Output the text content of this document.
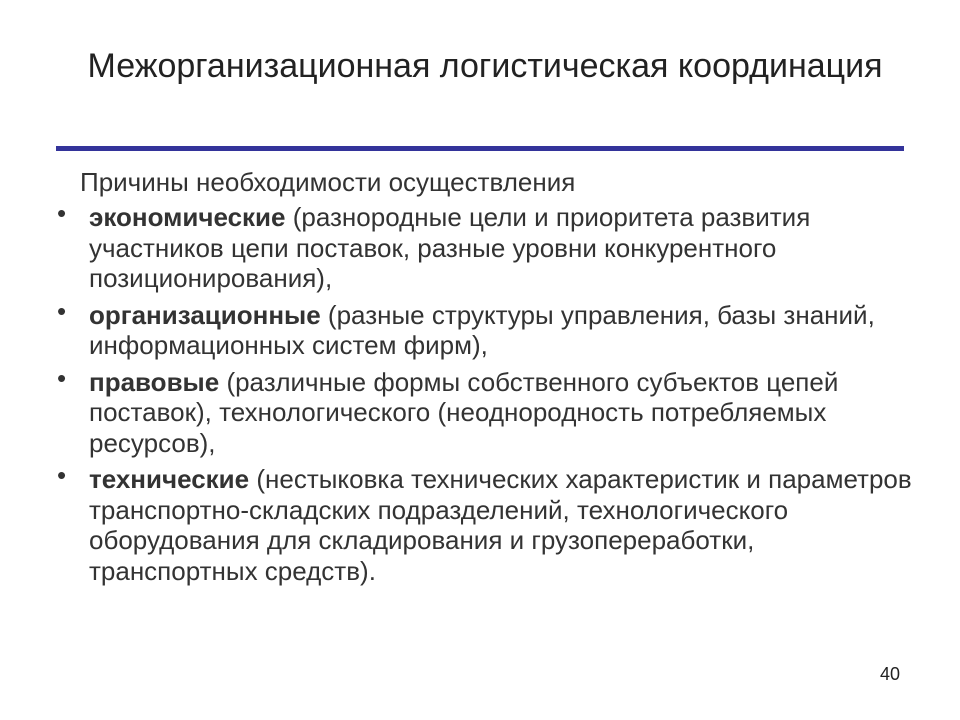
Межорганизационная логистическая координация

Причины необходимости осуществления

• экономические (разнородные цели и приоритета развития участников цепи поставок, разные уровни конкурентного позиционирования),
• организационные (разные структуры управления, базы знаний, информационных систем фирм),
• правовые (различные формы собственного субъектов цепей поставок), технологического (неоднородность потребляемых ресурсов),
• технические (нестыковка технических характеристик и параметров транспортно-складских подразделений, технологического оборудования для складирования и грузопереработки, транспортных средств).
40
